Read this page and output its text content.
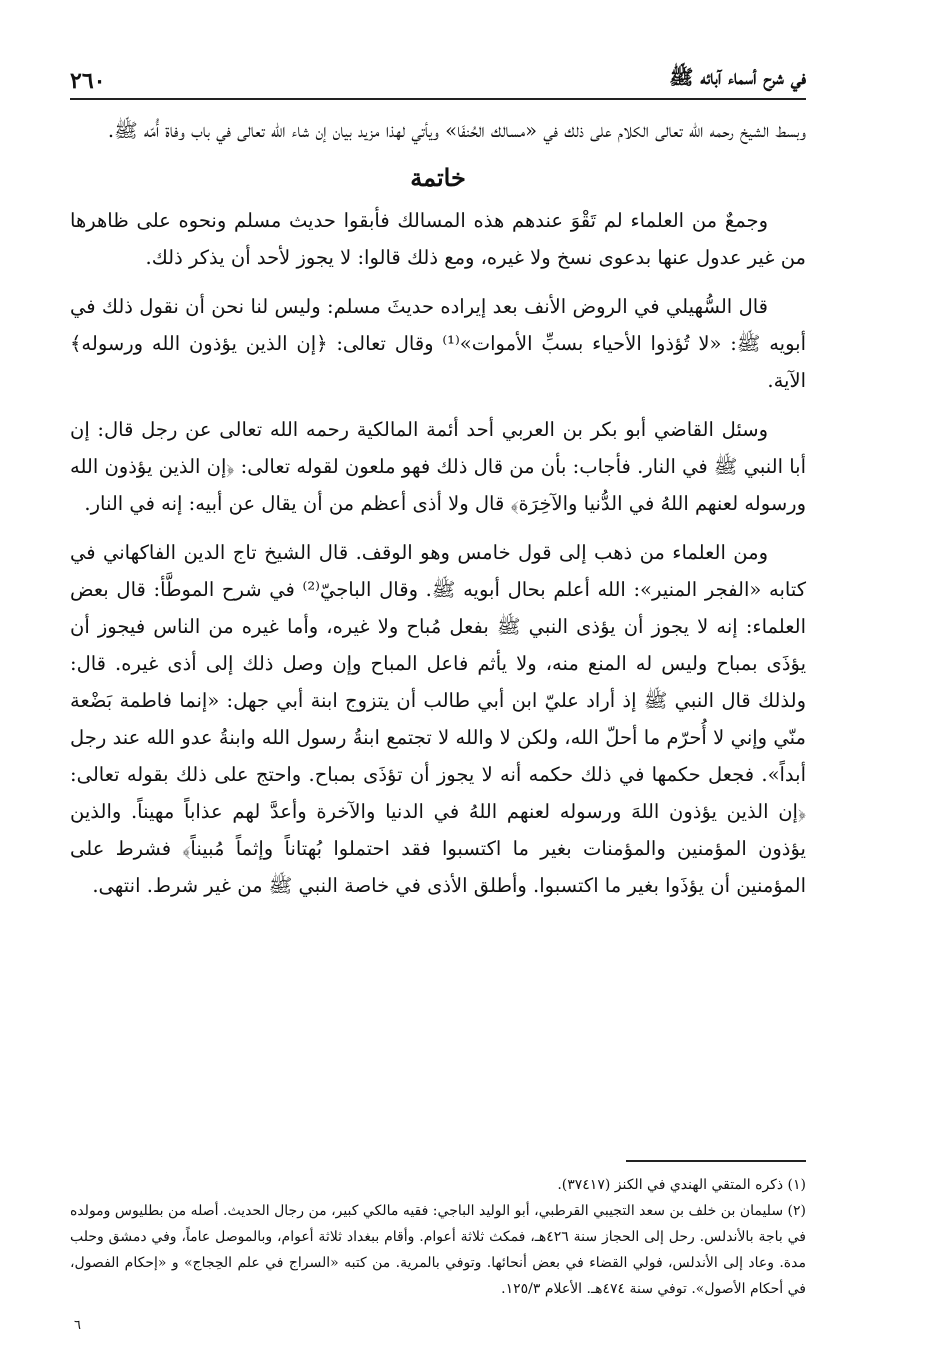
في شرح أسماء آبائه ﷺ
٢٦٠

وبسط الشيخ رحمه الله تعالى الكلام على ذلك في «مسالك الحُنفَا» ويأتي لهذا مزيد بيان إن شاء الله تعالى في باب وفاة أُمّه ﷺ.

خاتمة

وجمعٌ من العلماء لم تَقْوَ عندهم هذه المسالك فأبقوا حديث مسلم ونحوه على ظاهرها من غير عدول عنها بدعوى نسخ ولا غيره، ومع ذلك قالوا: لا يجوز لأحد أن يذكر ذلك.

قال السُّهيلي في الروض الأنف بعد إيراده حديثَ مسلم: وليس لنا نحن أن نقول ذلك في أبويه ﷺ: «لا تُؤذوا الأحياء بسبِّ الأموات»⁽¹⁾ وقال تعالى: ﴿إن الذين يؤذون الله ورسوله﴾ الآية.

وسئل القاضي أبو بكر بن العربي أحد أئمة المالكية رحمه الله تعالى عن رجل قال: إن أبا النبي ﷺ في النار. فأجاب: بأن من قال ذلك فهو ملعون لقوله تعالى: ﴿إن الذين يؤذون الله ورسوله لعنهم اللهُ في الدُّنيا والآخِرَة﴾ قال ولا أذى أعظم من أن يقال عن أبيه: إنه في النار.

ومن العلماء من ذهب إلى قول خامس وهو الوقف. قال الشيخ تاج الدين الفاكهاني في كتابه «الفجر المنير»: الله أعلم بحال أبويه ﷺ. وقال الباجيّ⁽²⁾ في شرح الموطَّأ: قال بعض العلماء: إنه لا يجوز أن يؤذى النبي ﷺ بفعل مُباح ولا غيره، وأما غيره من الناس فيجوز أن يؤذَى بمباح وليس له المنع منه، ولا يأثم فاعل المباح وإن وصل ذلك إلى أذى غيره. قال: ولذلك قال النبي ﷺ إذ أراد عليّ ابن أبي طالب أن يتزوج ابنة أبي جهل: «إنما فاطمة بَضْعة منّي وإني لا أُحرّم ما أحلّ الله، ولكن لا والله لا تجتمع ابنةُ رسول الله وابنةُ عدو الله عند رجل أبداً». فجعل حكمها في ذلك حكمه أنه لا يجوز أن تؤذَى بمباح. واحتج على ذلك بقوله تعالى: ﴿إن الذين يؤذون اللهَ ورسوله لعنهم اللهُ في الدنيا والآخرة وأعدَّ لهم عذاباً مهيناً. والذين يؤذون المؤمنين والمؤمنات بغير ما اكتسبوا فقد احتملوا بُهتاناً وإثماً مُبيناً﴾ فشرط على المؤمنين أن يؤذَوا بغير ما اكتسبوا. وأطلق الأذى في خاصة النبي ﷺ من غير شرط. انتهى.

(١) ذكره المتقي الهندي في الكنز (٣٧٤١٧).

(٢) سليمان بن خلف بن سعد التجيبي القرطبي، أبو الوليد الباجي: فقيه مالكي كبير، من رجال الحديث. أصله من بطليوس ومولده في باجة بالأندلس. رحل إلى الحجاز سنة ٤٢٦هـ، فمكث ثلاثة أعوام. وأقام ببغداد ثلاثة أعوام، وبالموصل عاماً، وفي دمشق وحلب مدة. وعاد إلى الأندلس، فولي القضاء في بعض أنحائها. وتوفي بالمرية. من كتبه «السراج في علم الحِجاج» و «إحكام الفصول، في أحكام الأصول». توفي سنة ٤٧٤هـ. الأعلام ١٢٥/٣.

٦
